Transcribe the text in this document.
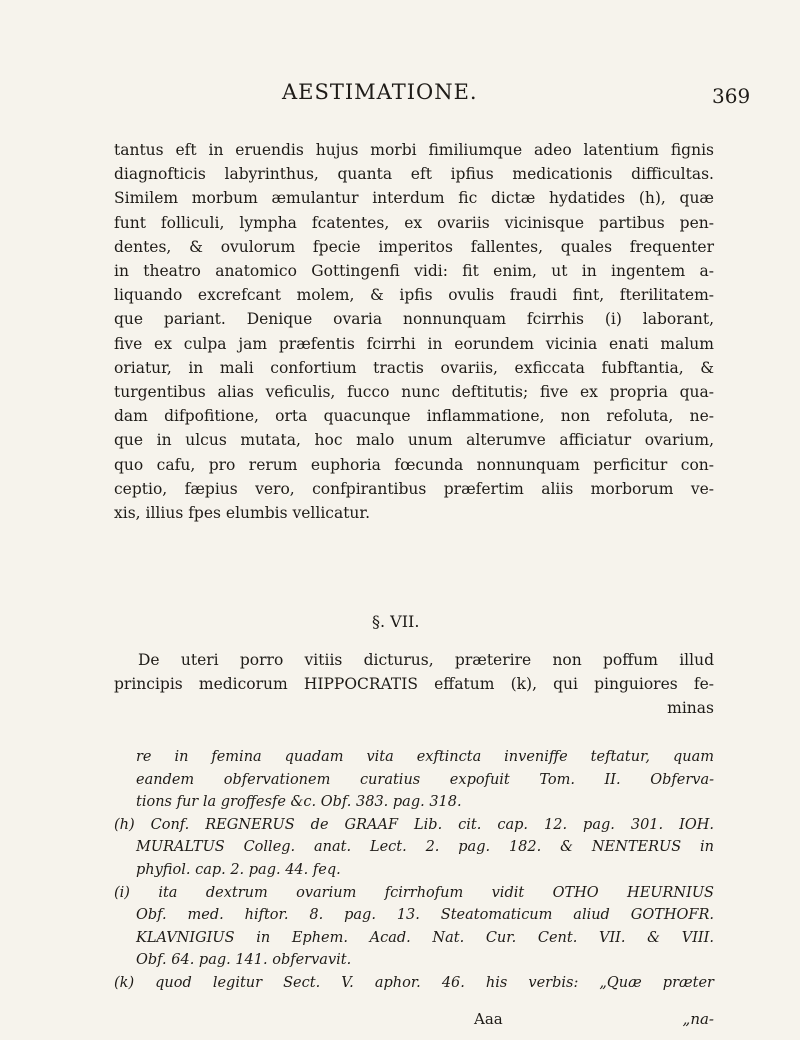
AESTIMATIONE.	369
tantus eft in eruendis hujus morbi fimiliumque adeo latentium fignis
diagnofticis labyrinthus, quanta eft ipfius medicationis difficultas.
Similem morbum æmulantur interdum fic dictæ hydatides (h), quæ
funt folliculi, lympha fcatentes, ex ovariis vicinisque partibus pen-
dentes, & ovulorum fpecie imperitos fallentes, quales frequenter
in theatro anatomico Gottingenfi vidi: fit enim, ut in ingentem a-
liquando excrefcant molem, & ipfis ovulis fraudi fint, fterilitatem-
que pariant. Denique ovaria nonnunquam fcirrhis (i) laborant,
five ex culpa jam præfentis fcirrhi in eorundem vicinia enati malum
oriatur, in mali confortium tractis ovariis, exficcata fubftantia, &
turgentibus alias veficulis, fucco nunc deftitutis; five ex propria qua-
dam difpofitione, orta quacunque inflammatione, non refoluta, ne-
que in ulcus mutata, hoc malo unum alterumve afficiatur ovarium,
quo cafu, pro rerum euphoria fœcunda nonnunquam perficitur con-
ceptio, fæpius vero, confpirantibus præfertim aliis morborum ve-
xis, illius fpes elumbis vellicatur.
§. VII.
De uteri porro vitiis dicturus, præterire non poffum illud
principis medicorum HIPPOCRATIS effatum (k), qui pinguiores fe-
minas
re in femina quadam vita exftincta inveniffe teftatur, quam
eandem obfervationem curatius expofuit Tom. II. Obferva-
tions fur la groffesfe &c. Obf. 383. pag. 318.
(h) Conf. REGNERUS de GRAAF Lib. cit. cap. 12. pag. 301. IOH.
MURALTUS Colleg. anat. Lect. 2. pag. 182. & NENTERUS in
phyfiol. cap. 2. pag. 44. feq.
(i) ita dextrum ovarium fcirrhofum vidit OTHO HEURNIUS
Obf. med. hiftor. 8. pag. 13. Steatomaticum aliud GOTHOFR.
KLAVNIGIUS in Ephem. Acad. Nat. Cur. Cent. VII. & VIII.
Obf. 64. pag. 141. obfervavit.
(k) quod legitur Sect. V. aphor. 46. his verbis: „Quæ præter
Aaa	„na-
